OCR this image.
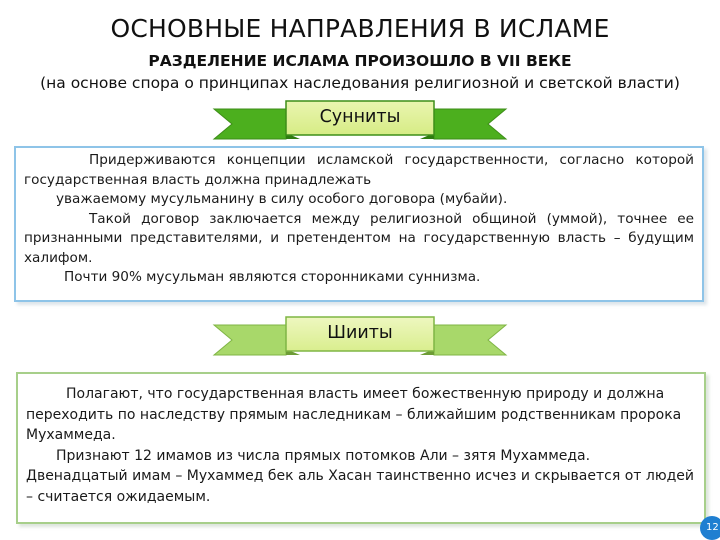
ОСНОВНЫЕ НАПРАВЛЕНИЯ В ИСЛАМЕ
РАЗДЕЛЕНИЕ ИСЛАМА ПРОИЗОШЛО В VII ВЕКЕ
(на основе спора о принципах наследования религиозной и светской власти)
Сунниты
Придерживаются концепции исламской государственности, согласно которой государственная власть должна принадлежать
уважаемому мусульманину в силу особого договора (мубайи).
Такой договор заключается между религиозной общиной (уммой), точнее ее признанными представителями, и претендентом на государственную власть – будущим халифом.
Почти 90% мусульман являются сторонниками суннизма.
Шииты
Полагают, что государственная власть имеет божественную природу и должна переходить по наследству прямым наследникам – ближайшим родственникам пророка Мухаммеда.
Признают 12 имамов из числа прямых потомков Али – зятя Мухаммеда. Двенадцатый имам – Мухаммед бек аль Хасан таинственно исчез и скрывается от людей – считается ожидаемым.
12
